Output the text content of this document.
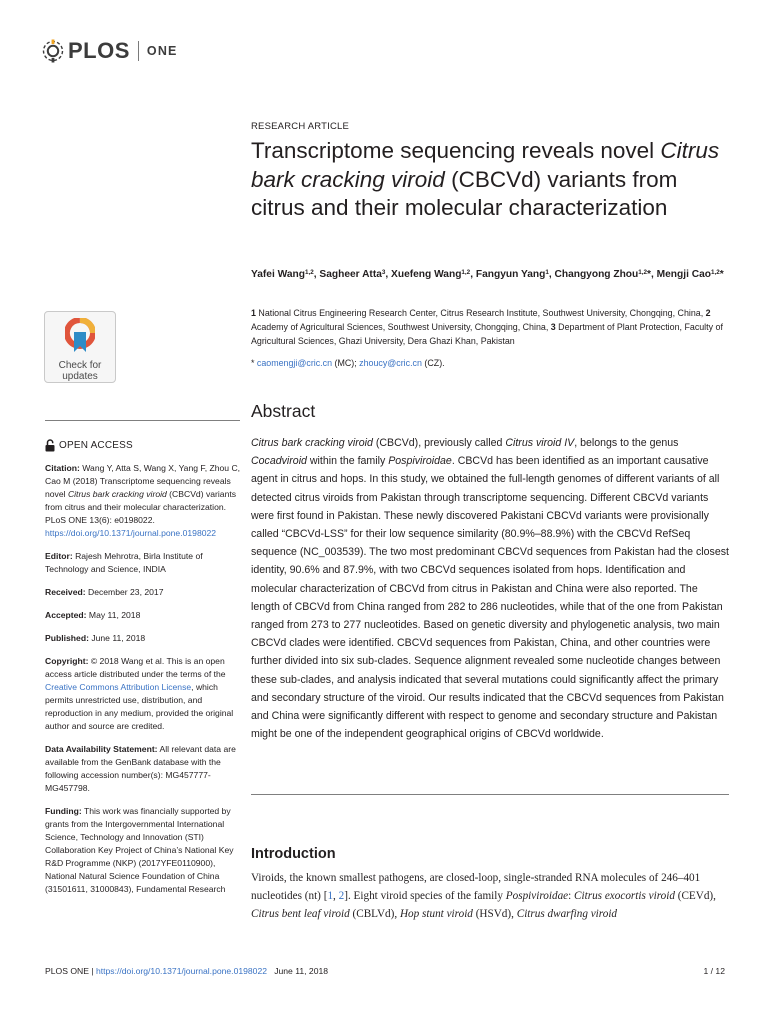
PLOS ONE
Check for
updates
OPEN ACCESS
Citation: Wang Y, Atta S, Wang X, Yang F, Zhou C, Cao M (2018) Transcriptome sequencing reveals novel Citrus bark cracking viroid (CBCVd) variants from citrus and their molecular characterization. PLoS ONE 13(6): e0198022. https://doi.org/10.1371/journal.pone.0198022
Editor: Rajesh Mehrotra, Birla Institute of Technology and Science, INDIA
Received: December 23, 2017
Accepted: May 11, 2018
Published: June 11, 2018
Copyright: © 2018 Wang et al. This is an open access article distributed under the terms of the Creative Commons Attribution License, which permits unrestricted use, distribution, and reproduction in any medium, provided the original author and source are credited.
Data Availability Statement: All relevant data are available from the GenBank database with the following accession number(s): MG457777-MG457798.
Funding: This work was financially supported by grants from the Intergovernmental International Science, Technology and Innovation (STI) Collaboration Key Project of China’s National Key R&D Programme (NKP) (2017YFE0110900), National Natural Science Foundation of China (31501611, 31000843), Fundamental Research
RESEARCH ARTICLE
Transcriptome sequencing reveals novel Citrus bark cracking viroid (CBCVd) variants from citrus and their molecular characterization
Yafei Wang$^{1,2}$, Sagheer Atta$^3$, Xuefeng Wang$^{1,2}$, Fangyun Yang$^1$, Changyong Zhou$^{1,2}$*, Mengji Cao$^{1,2}$*
1 National Citrus Engineering Research Center, Citrus Research Institute, Southwest University, Chongqing, China, 2 Academy of Agricultural Sciences, Southwest University, Chongqing, China, 3 Department of Plant Protection, Faculty of Agricultural Sciences, Ghazi University, Dera Ghazi Khan, Pakistan
* caomengji@cric.cn (MC); zhoucy@cric.cn (CZ).
Abstract
Citrus bark cracking viroid (CBCVd), previously called Citrus viroid IV, belongs to the genus Cocadviroid within the family Pospiviroidae. CBCVd has been identified as an important causative agent in citrus and hops. In this study, we obtained the full-length genomes of different variants of all detected citrus viroids from Pakistan through transcriptome sequencing. Different CBCVd variants were first found in Pakistan. These newly discovered Pakistani CBCVd variants were provisionally called “CBCVd-LSS” for their low sequence similarity (80.9%–88.9%) with the CBCVd RefSeq sequence (NC_003539). The two most predominant CBCVd sequences from Pakistan had the closest identity, 90.6% and 87.9%, with two CBCVd sequences isolated from hops. Identification and molecular characterization of CBCVd from citrus in Pakistan and China were also reported. The length of CBCVd from China ranged from 282 to 286 nucleotides, while that of the one from Pakistan ranged from 273 to 277 nucleotides. Based on genetic diversity and phylogenetic analysis, two main CBCVd clades were identified. CBCVd sequences from Pakistan, China, and other countries were further divided into six sub-clades. Sequence alignment revealed some nucleotide changes between these sub-clades, and analysis indicated that several mutations could significantly affect the primary and secondary structure of the viroid. Our results indicated that the CBCVd sequences from Pakistan and China were significantly different with respect to genome and secondary structure and Pakistan might be one of the independent geographical origins of CBCVd worldwide.
Introduction
Viroids, the known smallest pathogens, are closed-loop, single-stranded RNA molecules of 246–401 nucleotides (nt) [1, 2]. Eight viroid species of the family Pospiviroidae: Citrus exocortis viroid (CEVd), Citrus bent leaf viroid (CBLVd), Hop stunt viroid (HSVd), Citrus dwarfing viroid
PLOS ONE | https://doi.org/10.1371/journal.pone.0198022 June 11, 2018	1 / 12
